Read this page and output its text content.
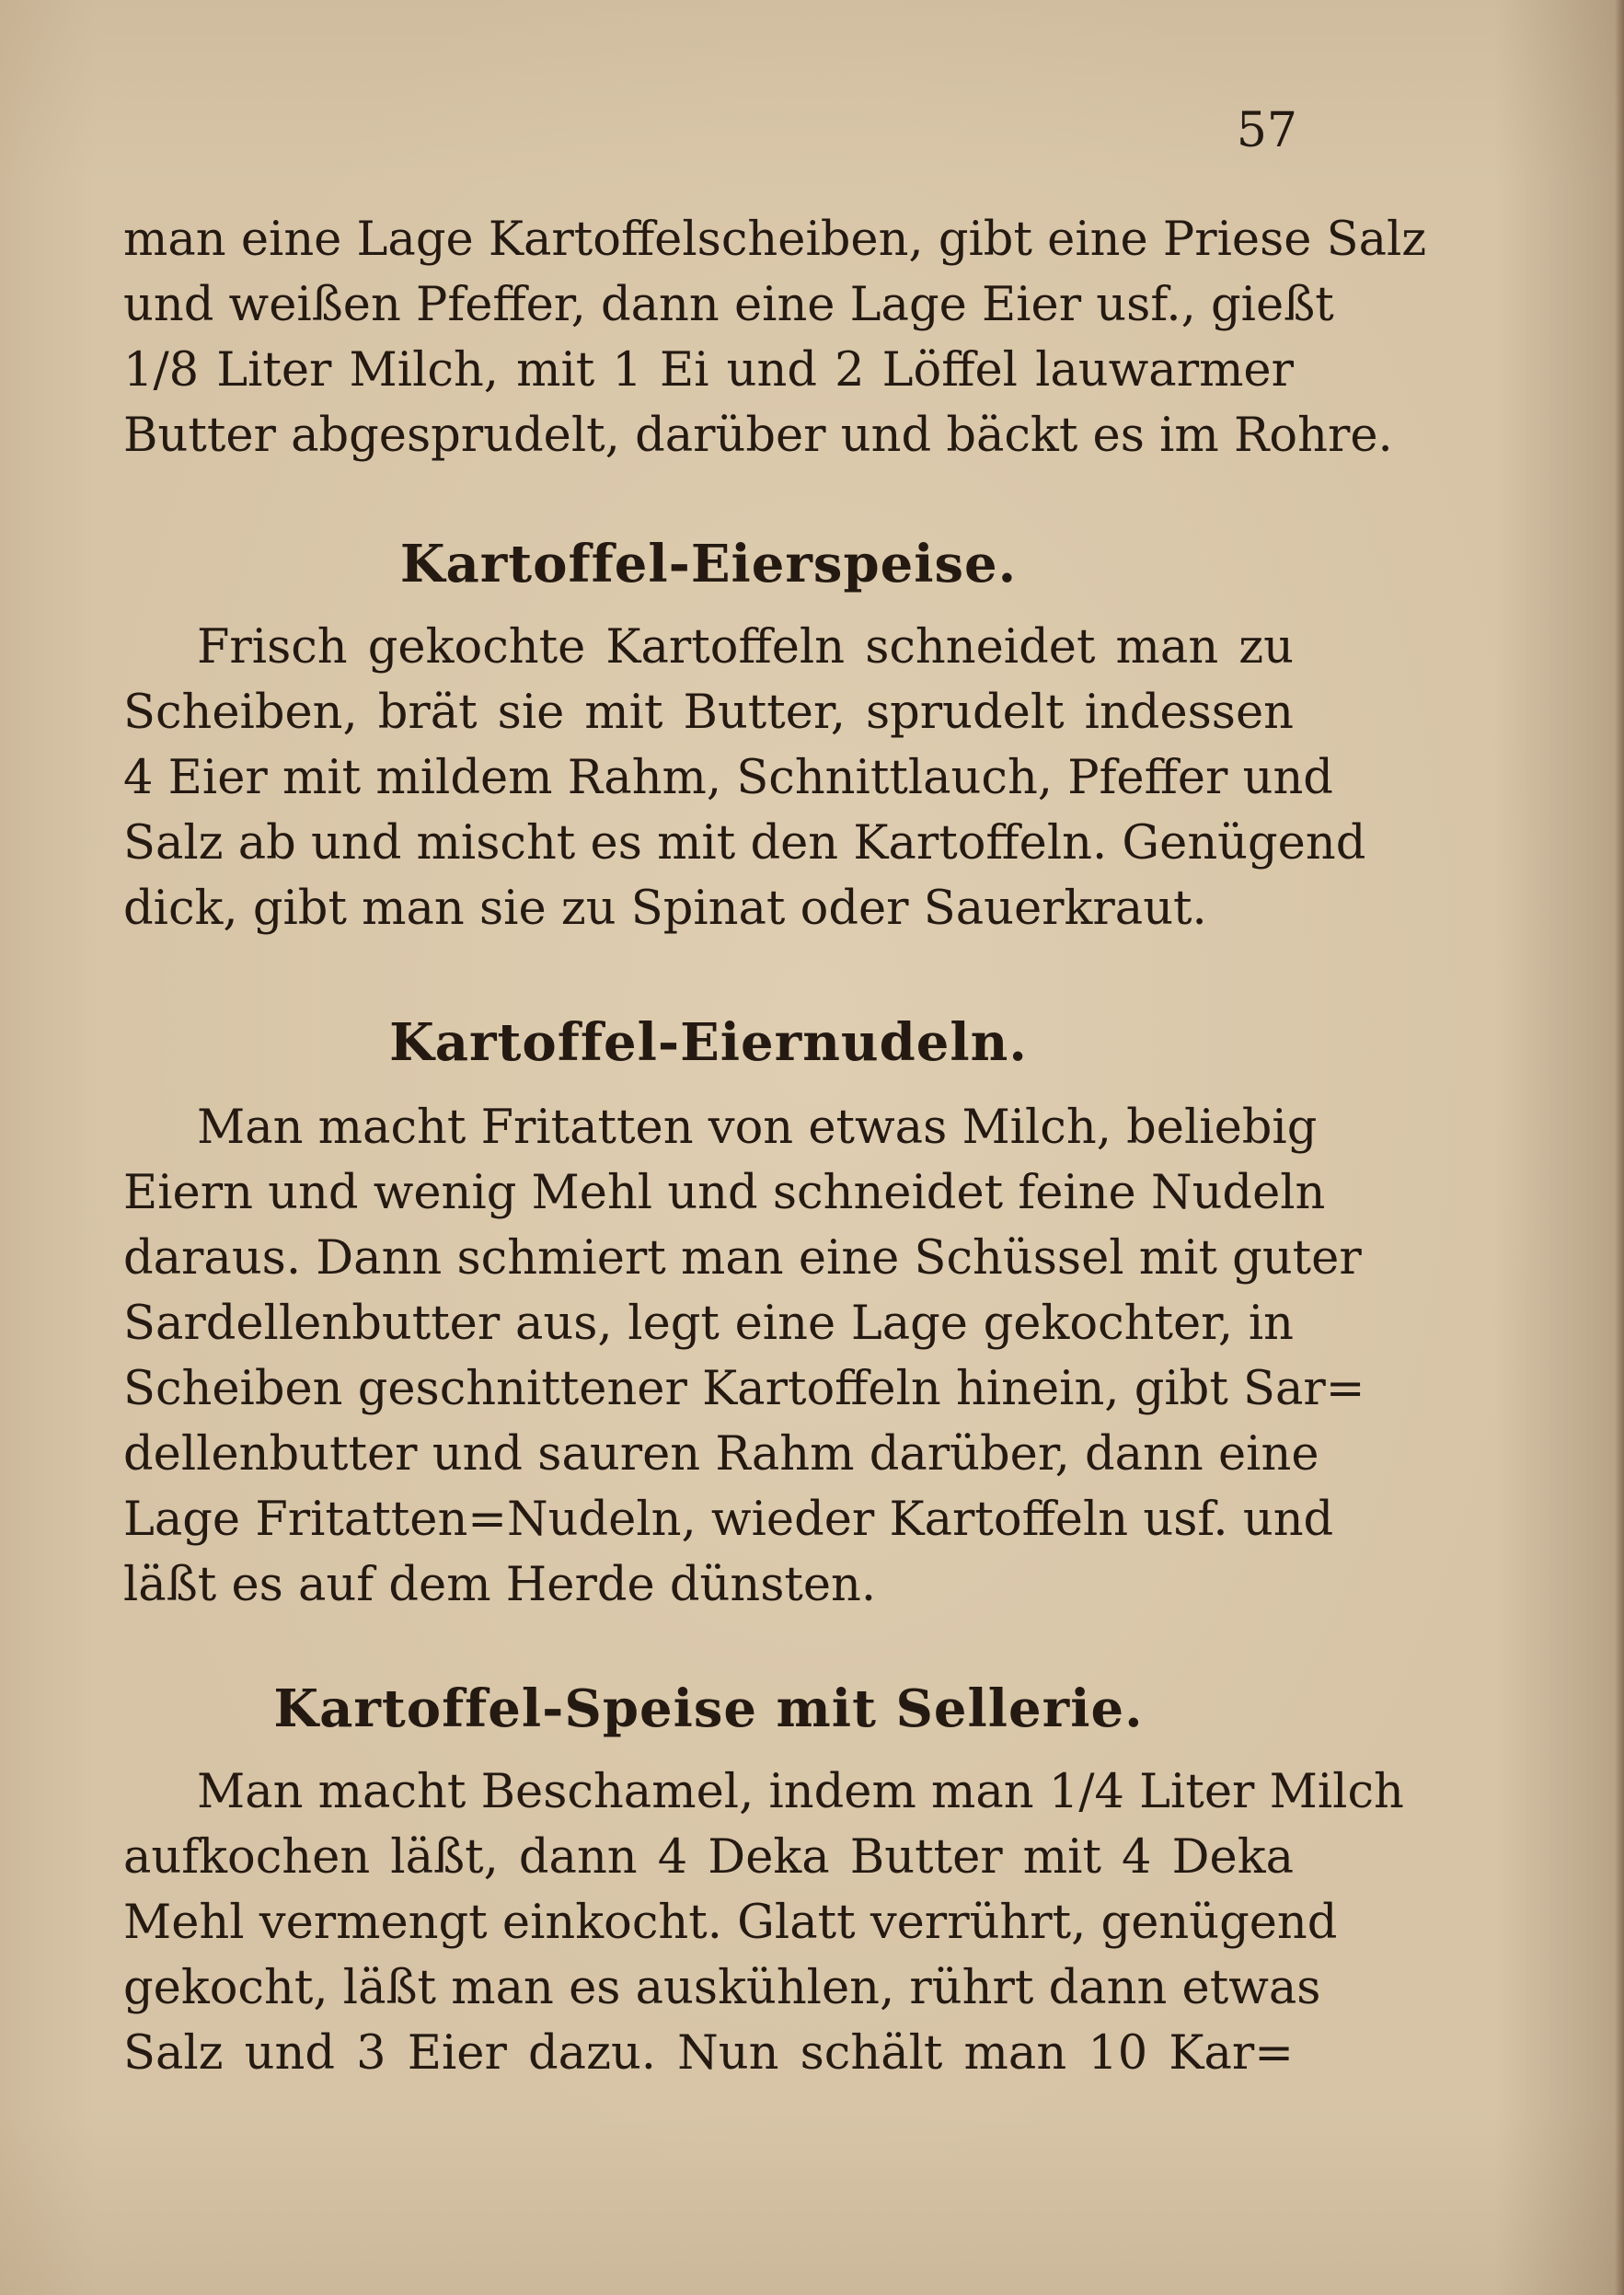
57
man eine Lage Kartoffelscheiben, gibt eine Priese Salz
und weißen Pfeffer, dann eine Lage Eier usf., gießt
1/8 Liter Milch, mit 1 Ei und 2 Löffel lauwarmer
Butter abgesprudelt, darüber und bäckt es im Rohre.
Kartoffel-Eierspeise.
Frisch gekochte Kartoffeln schneidet man zu
Scheiben, brät sie mit Butter, sprudelt indessen
4 Eier mit mildem Rahm, Schnittlauch, Pfeffer und
Salz ab und mischt es mit den Kartoffeln. Genügend
dick, gibt man sie zu Spinat oder Sauerkraut.
Kartoffel-Eiernudeln.
Man macht Fritatten von etwas Milch, beliebig
Eiern und wenig Mehl und schneidet feine Nudeln
daraus. Dann schmiert man eine Schüssel mit guter
Sardellenbutter aus, legt eine Lage gekochter, in
Scheiben geschnittener Kartoffeln hinein, gibt Sar=
dellenbutter und sauren Rahm darüber, dann eine
Lage Fritatten=Nudeln, wieder Kartoffeln usf. und
läßt es auf dem Herde dünsten.
Kartoffel-Speise mit Sellerie.
Man macht Beschamel, indem man 1/4 Liter Milch
aufkochen läßt, dann 4 Deka Butter mit 4 Deka
Mehl vermengt einkocht. Glatt verrührt, genügend
gekocht, läßt man es auskühlen, rührt dann etwas
Salz und 3 Eier dazu. Nun schält man 10 Kar=
